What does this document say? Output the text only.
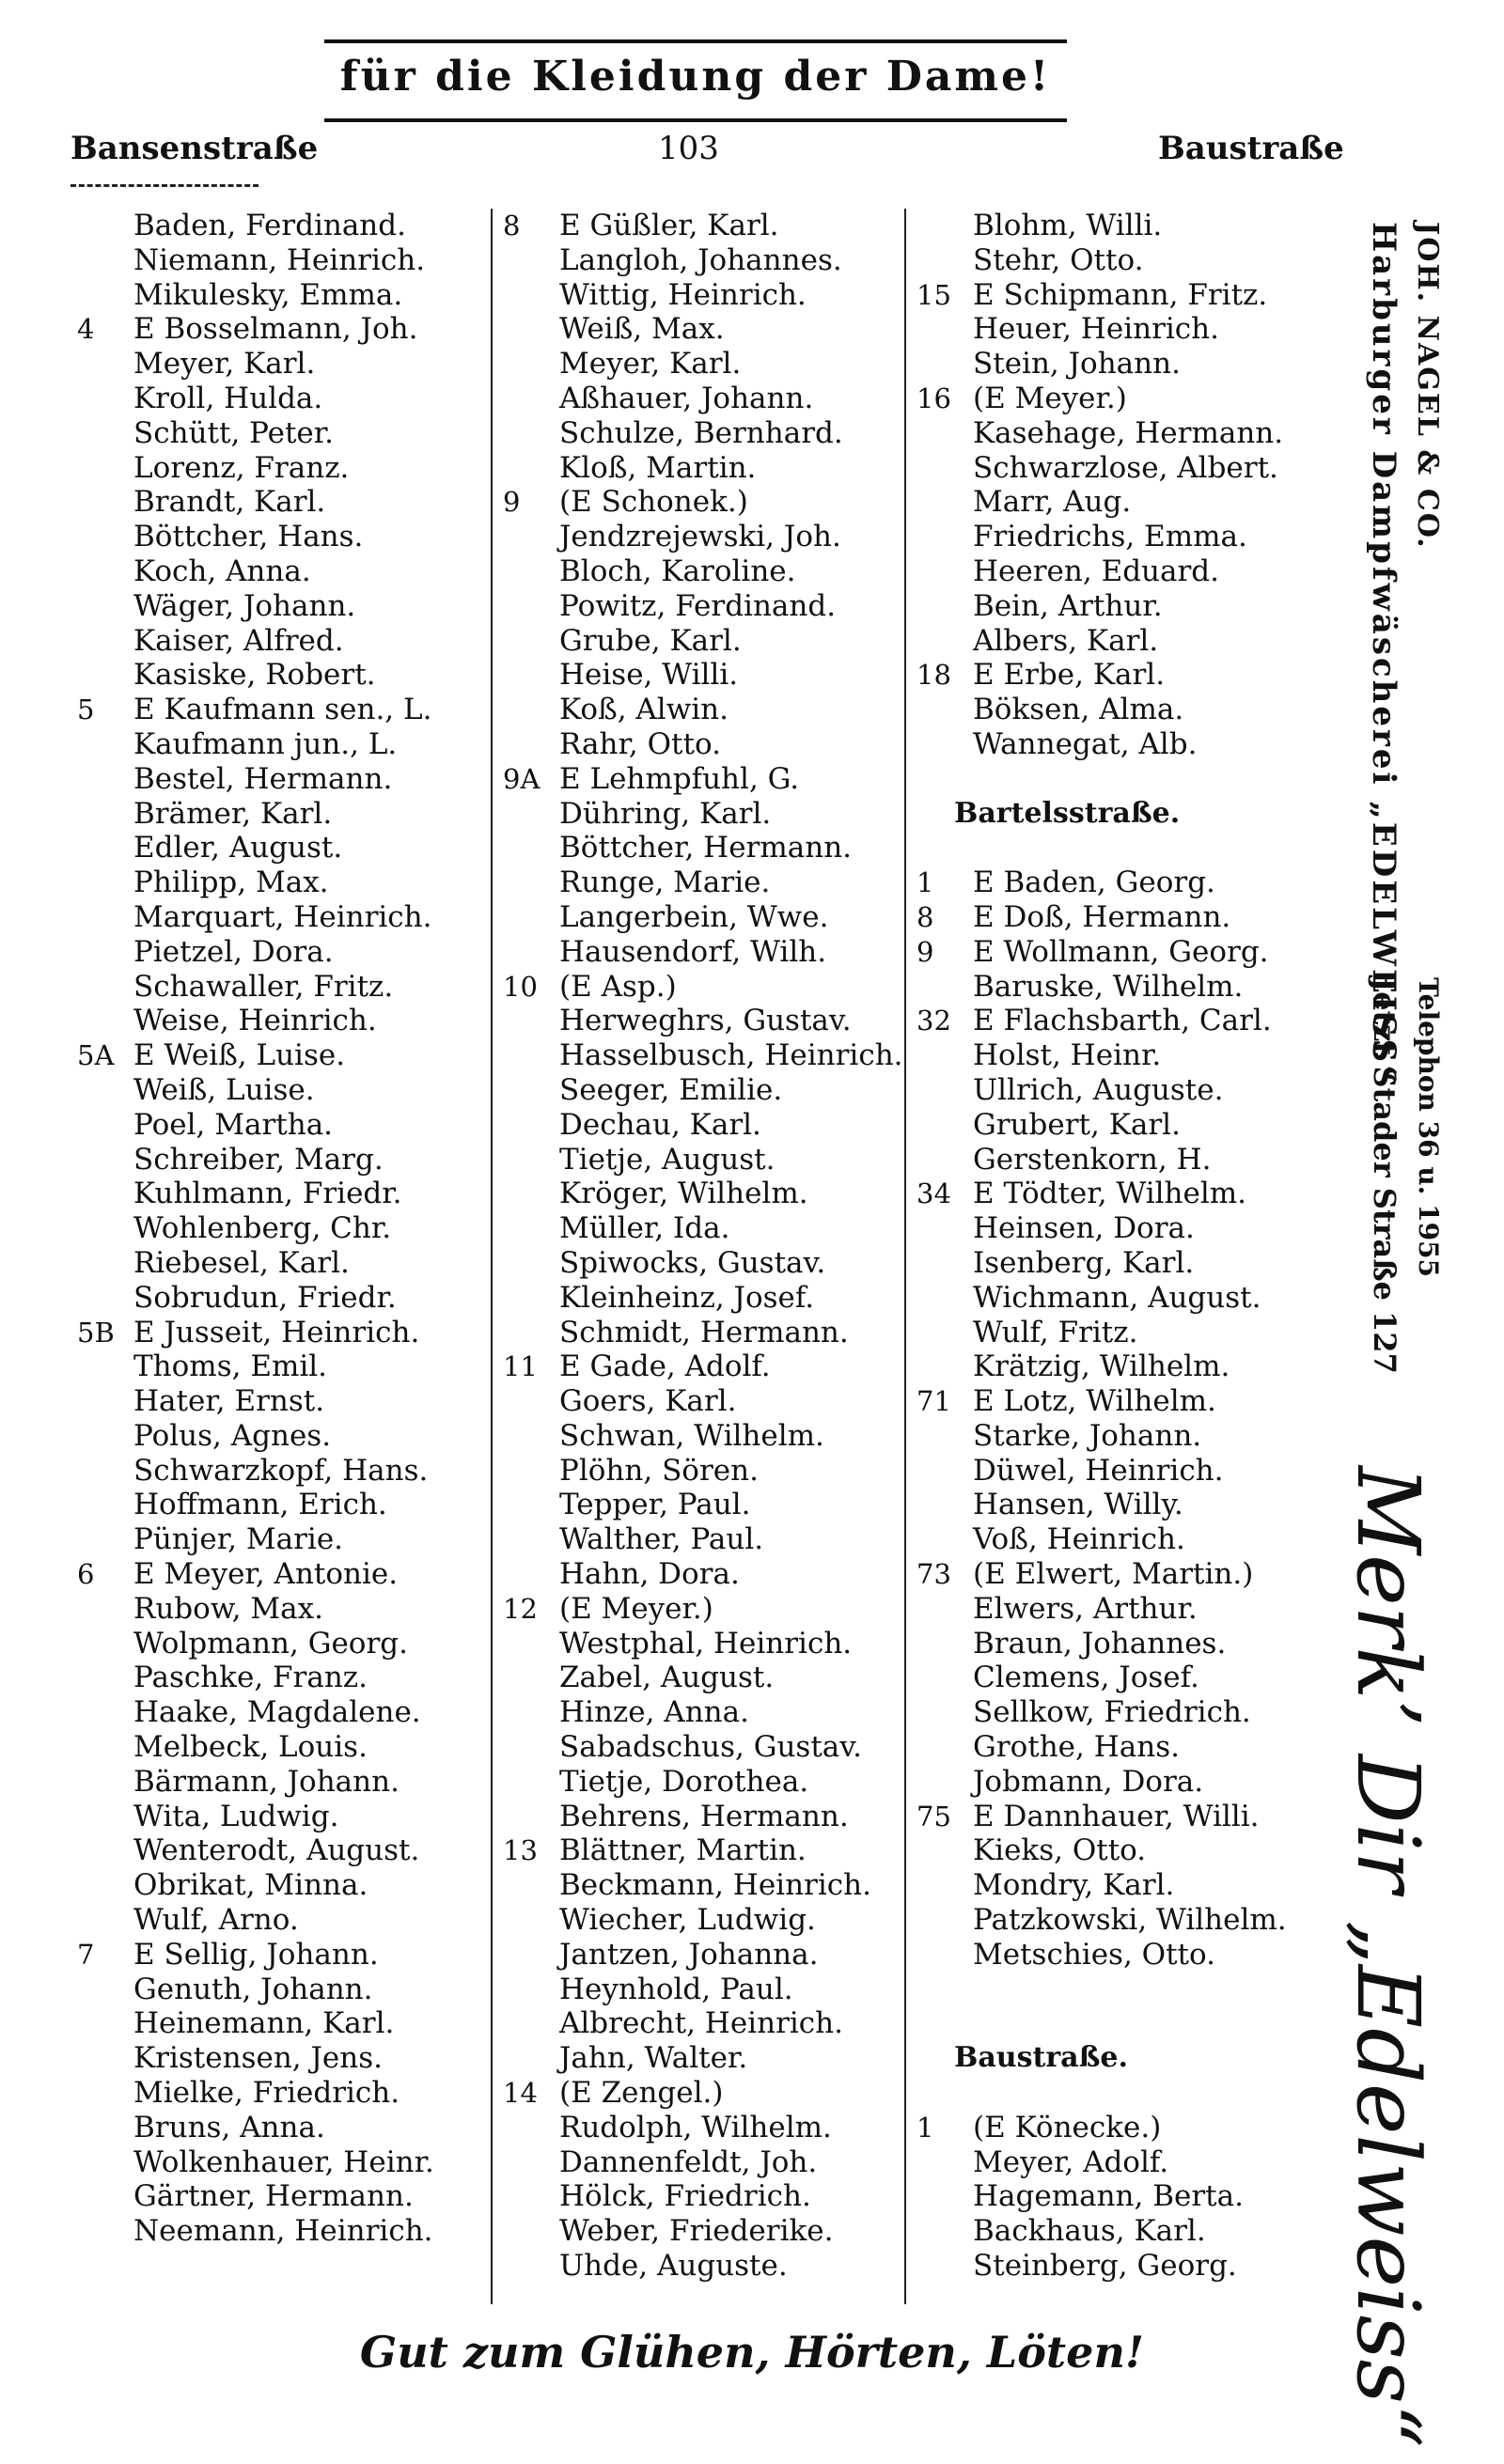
für die Kleidung der Dame!
Bansenstraße	103	Baustraße
Baden, Ferdinand.
Niemann, Heinrich.
Mikulesky, Emma.
4	E Bosselmann, Joh.
Meyer, Karl.
Kroll, Hulda.
Schütt, Peter.
Lorenz, Franz.
Brandt, Karl.
Böttcher, Hans.
Koch, Anna.
Wäger, Johann.
Kaiser, Alfred.
Kasiske, Robert.
5	E Kaufmann sen., L.
Kaufmann jun., L.
Bestel, Hermann.
Brämer, Karl.
Edler, August.
Philipp, Max.
Marquart, Heinrich.
Pietzel, Dora.
Schawaller, Fritz.
Weise, Heinrich.
5A E Weiß, Luise.
Weiß, Luise.
Poel, Martha.
Schreiber, Marg.
Kuhlmann, Friedr.
Wohlenberg, Chr.
Riebesel, Karl.
Sobrudun, Friedr.
5B E Jusseit, Heinrich.
Thoms, Emil.
Hater, Ernst.
Polus, Agnes.
Schwarzkopf, Hans.
Hoffmann, Erich.
Pünjer, Marie.
6	E Meyer, Antonie.
Rubow, Max.
Wolpmann, Georg.
Paschke, Franz.
Haake, Magdalene.
Melbeck, Louis.
Bärmann, Johann.
Wita, Ludwig.
Wenterodt, August.
Obrikat, Minna.
Wulf, Arno.
7	E Sellig, Johann.
Genuth, Johann.
Heinemann, Karl.
Kristensen, Jens.
Mielke, Friedrich.
Bruns, Anna.
Wolkenhauer, Heinr.
Gärtner, Hermann.
Neemann, Heinrich.
8	E Güßler, Karl.
Langloh, Johannes.
Wittig, Heinrich.
Weiß, Max.
Meyer, Karl.
Aßhauer, Johann.
Schulze, Bernhard.
Kloß, Martin.
9	(E Schonek.)
Jendzrejewski, Joh.
Bloch, Karoline.
Powitz, Ferdinand.
Grube, Karl.
Heise, Willi.
Koß, Alwin.
Rahr, Otto.
9A E Lehmpfuhl, G.
Dühring, Karl.
Böttcher, Hermann.
Runge, Marie.
Langerbein, Wwe.
Hausendorf, Wilh.
10 (E Asp.)
Herweghrs, Gustav.
Hasselbusch, Heinrich.
Seeger, Emilie.
Dechau, Karl.
Tietje, August.
Kröger, Wilhelm.
Müller, Ida.
Spiwocks, Gustav.
Kleinheinz, Josef.
Schmidt, Hermann.
11 E Gade, Adolf.
Goers, Karl.
Schwan, Wilhelm.
Plöhn, Sören.
Tepper, Paul.
Walther, Paul.
Hahn, Dora.
12 (E Meyer.)
Westphal, Heinrich.
Zabel, August.
Hinze, Anna.
Sabadschus, Gustav.
Tietje, Dorothea.
Behrens, Hermann.
13 Blättner, Martin.
Beckmann, Heinrich.
Wiecher, Ludwig.
Jantzen, Johanna.
Heynhold, Paul.
Albrecht, Heinrich.
Jahn, Walter.
14 (E Zengel.)
Rudolph, Wilhelm.
Dannenfeldt, Joh.
Hölck, Friedrich.
Weber, Friederike.
Uhde, Auguste.
Blohm, Willi.
Stehr, Otto.
15 E Schipmann, Fritz.
Heuer, Heinrich.
Stein, Johann.
16 (E Meyer.)
Kasehage, Hermann.
Schwarzlose, Albert.
Marr, Aug.
Friedrichs, Emma.
Heeren, Eduard.
Bein, Arthur.
Albers, Karl.
18 E Erbe, Karl.
Böksen, Alma.
Wannegat, Alb.
Bartelsstraße.
1	E Baden, Georg.
8	E Doß, Hermann.
9	E Wollmann, Georg.
Baruske, Wilhelm.
32 E Flachsbarth, Carl.
Holst, Heinr.
Ullrich, Auguste.
Grubert, Karl.
Gerstenkorn, H.
34 E Tödter, Wilhelm.
Heinsen, Dora.
Isenberg, Karl.
Wichmann, August.
Wulf, Fritz.
Krätzig, Wilhelm.
71 E Lotz, Wilhelm.
Starke, Johann.
Düwel, Heinrich.
Hansen, Willy.
Voß, Heinrich.
73 (E Elwert, Martin.)
Elwers, Arthur.
Braun, Johannes.
Clemens, Josef.
Sellkow, Friedrich.
Grothe, Hans.
Jobmann, Dora.
75 E Dannhauer, Willi.
Kieks, Otto.
Mondry, Karl.
Patzkowski, Wilhelm.
Metschies, Otto.
Baustraße.
1	(E Könecke.)
Meyer, Adolf.
Hagemann, Berta.
Backhaus, Karl.
Steinberg, Georg.
Harburger Dampfwäscherei „EDELWEISS“ JOH. NAGEL & CO.
Jetzt Stader Straße 127 Telephon 36 u. 1955
Merk’ Dir „Edelweiss“
Gut zum Glühen, Hörten, Löten!
